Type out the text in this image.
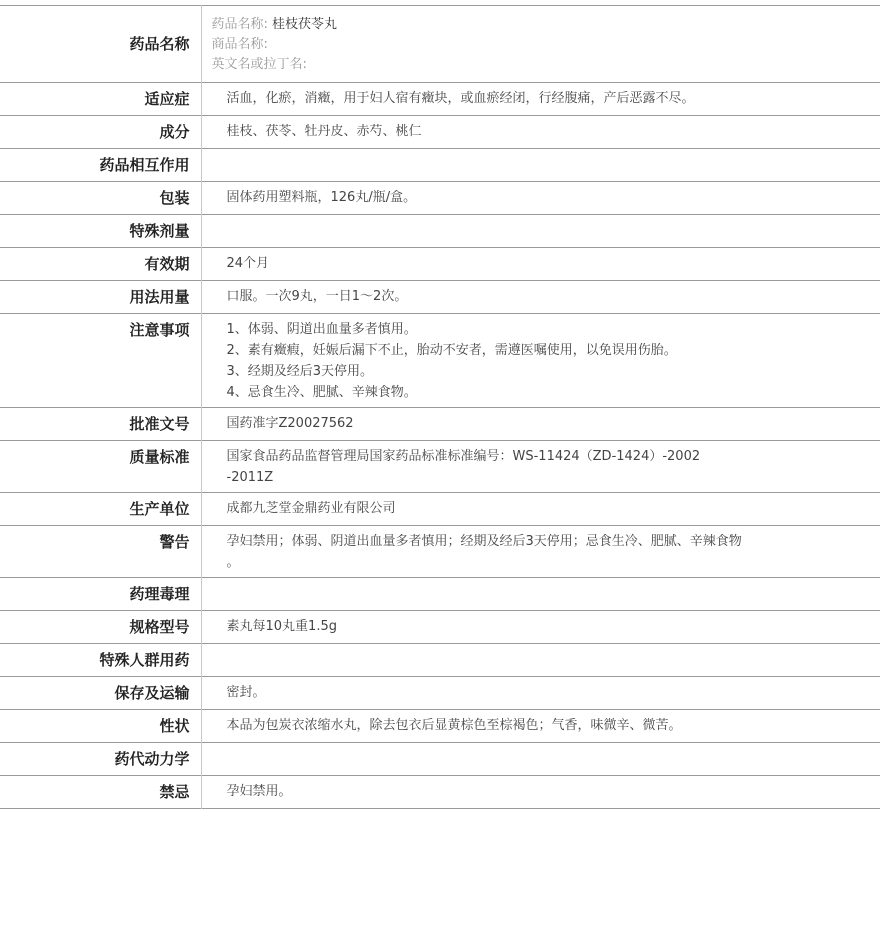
药品名称	药品名称: 桂枝茯苓丸
商品名称:
英文名或拉丁名:

适应症	活血，化瘀，消癥，用于妇人宿有癥块，或血瘀经闭，行经腹痛，产后恶露不尽。

成分	桂枝、茯苓、牡丹皮、赤芍、桃仁

药品相互作用	

包装	固体药用塑料瓶，126丸/瓶/盒。

特殊剂量	

有效期	24个月

用法用量	口服。一次9丸，一日1～2次。

注意事项	1、体弱、阴道出血量多者慎用。
2、素有癥瘕，妊娠后漏下不止，胎动不安者，需遵医嘱使用，以免误用伤胎。
3、经期及经后3天停用。
4、忌食生冷、肥腻、辛辣食物。

批准文号	国药准字Z20027562

质量标准	国家食品药品监督管理局国家药品标准标准编号：WS-11424（ZD-1424）-2002
-2011Z

生产单位	成都九芝堂金鼎药业有限公司

警告	孕妇禁用；体弱、阴道出血量多者慎用；经期及经后3天停用；忌食生冷、肥腻、辛辣食物
。

药理毒理	

规格型号	素丸每10丸重1.5g

特殊人群用药	

保存及运输	密封。

性状	本品为包炭衣浓缩水丸，除去包衣后显黄棕色至棕褐色；气香，味微辛、微苦。

药代动力学	

禁忌	孕妇禁用。
